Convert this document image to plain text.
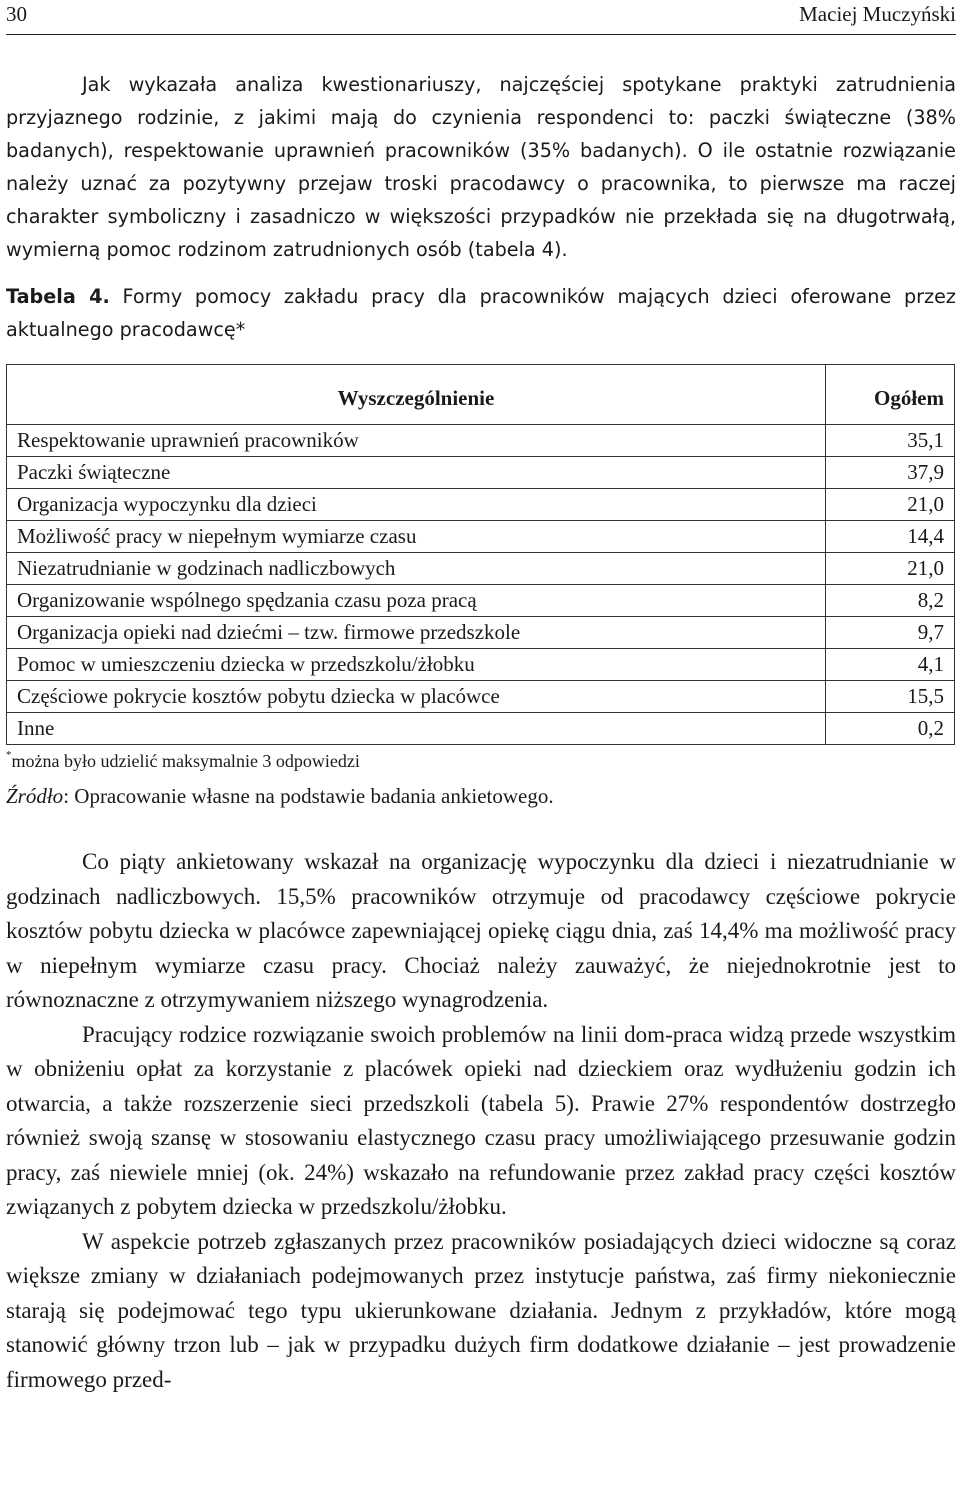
30	Maciej Muczyński

Jak wykazała analiza kwestionariuszy, najczęściej spotykane praktyki zatrudnienia przyjaznego rodzinie, z jakimi mają do czynienia respondenci to: paczki świąteczne (38% badanych), respektowanie uprawnień pracowników (35% badanych). O ile ostatnie rozwiązanie należy uznać za pozytywny przejaw troski pracodawcy o pracownika, to pierwsze ma raczej charakter symboliczny i zasadniczo w większości przypadków nie przekłada się na długotrwałą, wymierną pomoc rodzinom zatrudnionych osób (tabela 4).

Tabela 4. Formy pomocy zakładu pracy dla pracowników mających dzieci oferowane przez aktualnego pracodawcę*

Wyszczególnienie	Ogółem
Respektowanie uprawnień pracowników	35,1
Paczki świąteczne	37,9
Organizacja wypoczynku dla dzieci	21,0
Możliwość pracy w niepełnym wymiarze czasu	14,4
Niezatrudnianie w godzinach nadliczbowych	21,0
Organizowanie wspólnego spędzania czasu poza pracą	8,2
Organizacja opieki nad dziećmi – tzw. firmowe przedszkole	9,7
Pomoc w umieszczeniu dziecka w przedszkolu/żłobku	4,1
Częściowe pokrycie kosztów pobytu dziecka w placówce	15,5
Inne	0,2
*można było udzielić maksymalnie 3 odpowiedzi
Źródło: Opracowanie własne na podstawie badania ankietowego.

Co piąty ankietowany wskazał na organizację wypoczynku dla dzieci i niezatrudnianie w godzinach nadliczbowych. 15,5% pracowników otrzymuje od pracodawcy częściowe pokrycie kosztów pobytu dziecka w placówce zapewniającej opiekę ciągu dnia, zaś 14,4% ma możliwość pracy w niepełnym wymiarze czasu pracy. Chociaż należy zauważyć, że niejednokrotnie jest to równoznaczne z otrzymywaniem niższego wynagrodzenia.

Pracujący rodzice rozwiązanie swoich problemów na linii dom-praca widzą przede wszystkim w obniżeniu opłat za korzystanie z placówek opieki nad dzieckiem oraz wydłużeniu godzin ich otwarcia, a także rozszerzenie sieci przedszkoli (tabela 5). Prawie 27% respondentów dostrzegło również swoją szansę w stosowaniu elastycznego czasu pracy umożliwiającego przesuwanie godzin pracy, zaś niewiele mniej (ok. 24%) wskazało na refundowanie przez zakład pracy części kosztów związanych z pobytem dziecka w przedszkolu/żłobku.

W aspekcie potrzeb zgłaszanych przez pracowników posiadających dzieci widoczne są coraz większe zmiany w działaniach podejmowanych przez instytucje państwa, zaś firmy niekoniecznie starają się podejmować tego typu ukierunkowane działania. Jednym z przykładów, które mogą stanowić główny trzon lub – jak w przypadku dużych firm dodatkowe działanie – jest prowadzenie firmowego przed-
